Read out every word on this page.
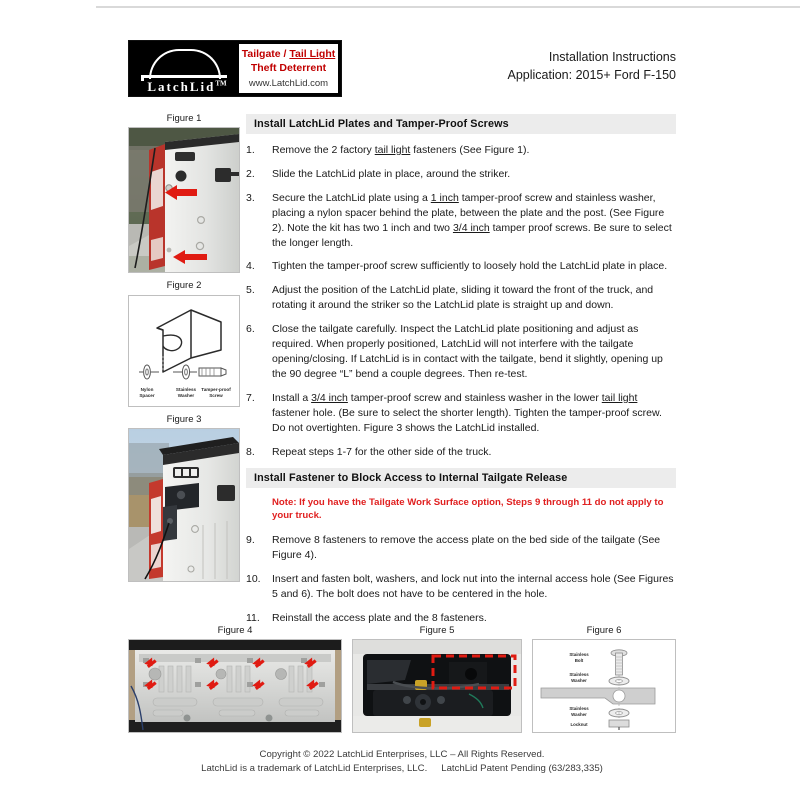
LatchLid™
Tailgate / Tail Light
Theft Deterrent
www.LatchLid.com
Installation Instructions
Application: 2015+ Ford F-150
Figure 1
Figure 2
Nylon
Spacer
Stainless
Washer
Tamper-proof
Screw
Figure 3
Install LatchLid Plates and Tamper-Proof Screws
1.	Remove the 2 factory tail light fasteners (See Figure 1).
2.	Slide the LatchLid plate in place, around the striker.
3.	Secure the LatchLid plate using a 1 inch tamper-proof screw and stainless washer, placing a nylon spacer behind the plate, between the plate and the post. (See Figure 2). Note the kit has two 1 inch and two 3/4 inch tamper proof screws. Be sure to select the longer length.
4.	Tighten the tamper-proof screw sufficiently to loosely hold the LatchLid plate in place.
5.	Adjust the position of the LatchLid plate, sliding it toward the front of the truck, and rotating it around the striker so the LatchLid plate is straight up and down.
6.	Close the tailgate carefully. Inspect the LatchLid plate positioning and adjust as required. When properly positioned, LatchLid will not interfere with the tailgate opening/closing. If LatchLid is in contact with the tailgate, bend it slightly, opening up the 90 degree “L” bend a couple degrees. Then re-test.
7.	Install a 3/4 inch tamper-proof screw and stainless washer in the lower tail light fastener hole. (Be sure to select the shorter length). Tighten the tamper-proof screw. Do not overtighten. Figure 3 shows the LatchLid installed.
8.	Repeat steps 1-7 for the other side of the truck.
Install Fastener to Block Access to Internal Tailgate Release
Note: If you have the Tailgate Work Surface option, Steps 9 through 11 do not apply to your truck.
9.	Remove 8 fasteners to remove the access plate on the bed side of the tailgate (See Figure 4).
10.	Insert and fasten bolt, washers, and lock nut into the internal access hole (See Figures 5 and 6). The bolt does not have to be centered in the hole.
11.	Reinstall the access plate and the 8 fasteners.
Figure 4	Figure 5	Figure 6
Stainless
Bolt
Stainless
Washer
Stainless
Washer
Locknut
Copyright © 2022 LatchLid Enterprises, LLC – All Rights Reserved.
LatchLid is a trademark of LatchLid Enterprises, LLC. LatchLid Patent Pending (63/283,335)
